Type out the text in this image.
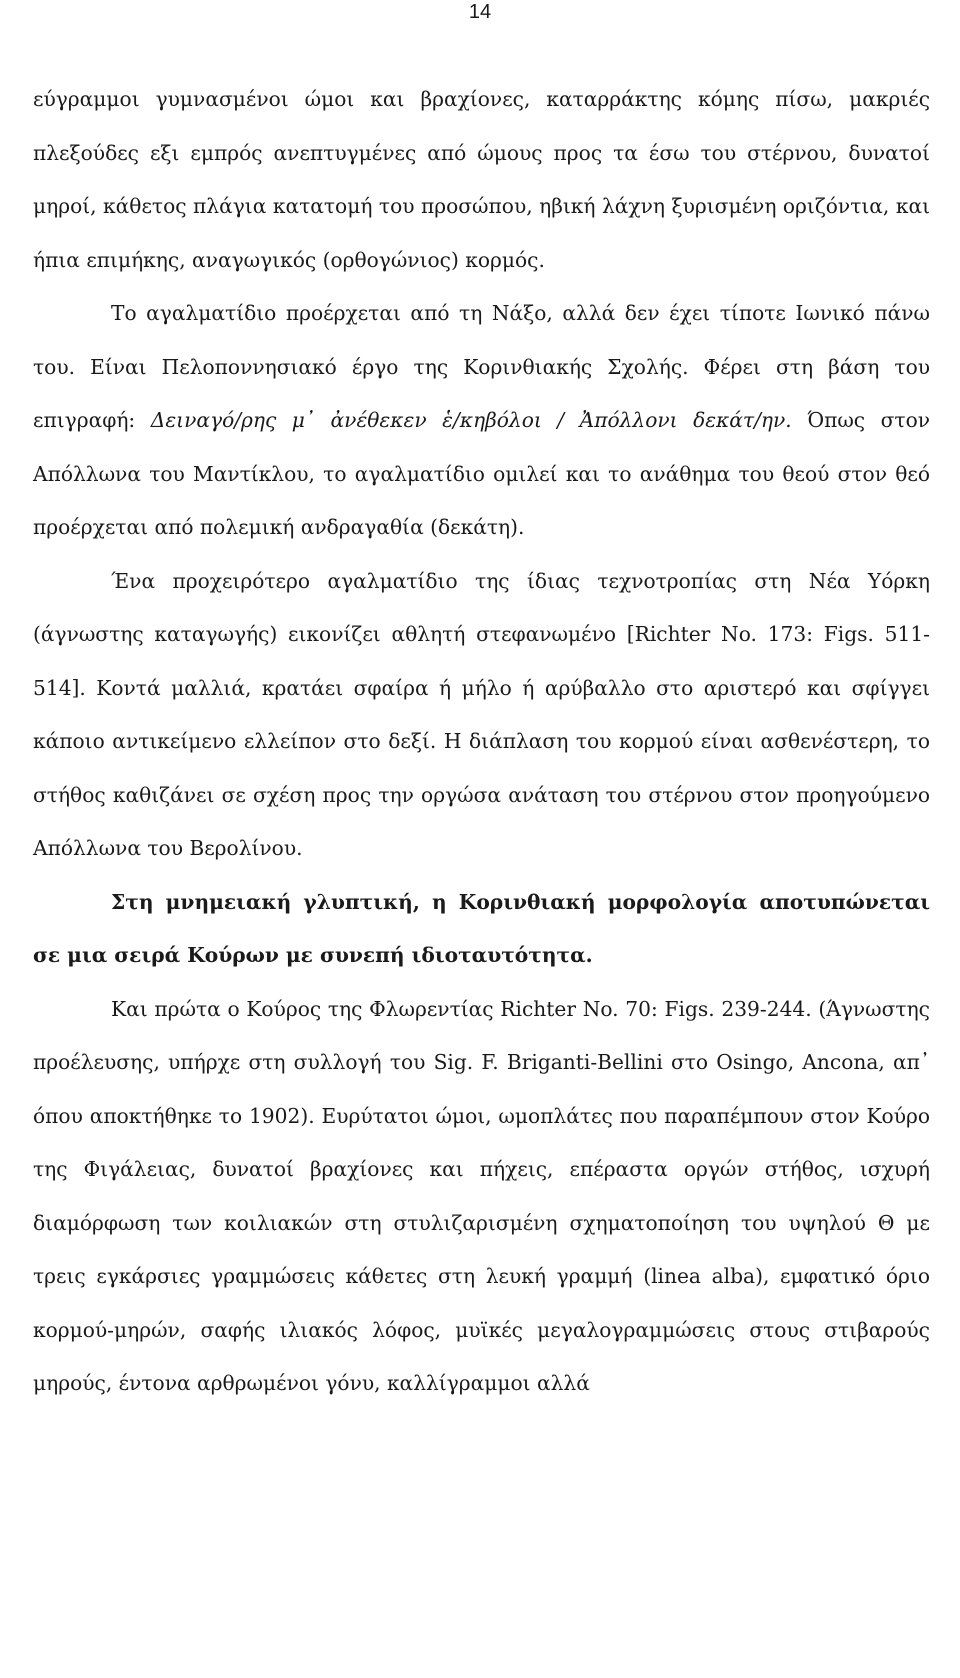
14

εύγραμμοι γυμνασμένοι ώμοι και βραχίονες, καταρράκτης κόμης πίσω, μακριές πλεξούδες εξι εμπρός ανεπτυγμένες από ώμους προς τα έσω του στέρνου, δυνατοί μηροί, κάθετος πλάγια κατατομή του προσώπου, ηβική λάχνη ξυρισμένη οριζόντια, και ήπια επιμήκης, αναγωγικός (ορθογώνιος) κορμός.

Το αγαλματίδιο προέρχεται από τη Νάξο, αλλά δεν έχει τίποτε Ιωνικό πάνω του. Είναι Πελοποννησιακό έργο της Κορινθιακής Σχολής. Φέρει στη βάση του επιγραφή: Δειναγό/ρης μ᾽ ἀνέθεκεν ἑ/κηβόλοι / Ἀπόλλονι δεκάτ/ην. Όπως στον Απόλλωνα του Μαντίκλου, το αγαλματίδιο ομιλεί και το ανάθημα του θεού στον θεό προέρχεται από πολεμική ανδραγαθία (δεκάτη).

Ένα προχειρότερο αγαλματίδιο της ίδιας τεχνοτροπίας στη Νέα Υόρκη (άγνωστης καταγωγής) εικονίζει αθλητή στεφανωμένο [Richter No. 173: Figs. 511-514]. Κοντά μαλλιά, κρατάει σφαίρα ή μήλο ή αρύβαλλο στο αριστερό και σφίγγει κάποιο αντικείμενο ελλείπον στο δεξί. Η διάπλαση του κορμού είναι ασθενέστερη, το στήθος καθιζάνει σε σχέση προς την οργώσα ανάταση του στέρνου στον προηγούμενο Απόλλωνα του Βερολίνου.

Στη μνημειακή γλυπτική, η Κορινθιακή μορφολογία αποτυπώνεται σε μια σειρά Κούρων με συνεπή ιδιοταυτότητα.

Και πρώτα ο Κούρος της Φλωρεντίας Richter No. 70: Figs. 239-244. (Άγνωστης προέλευσης, υπήρχε στη συλλογή του Sig. F. Briganti-Bellini στο Osingo, Ancona, απ᾽ όπου αποκτήθηκε το 1902). Ευρύτατοι ώμοι, ωμοπλάτες που παραπέμπουν στον Κούρο της Φιγάλειας, δυνατοί βραχίονες και πήχεις, επέραστα οργών στήθος, ισχυρή διαμόρφωση των κοιλιακών στη στυλιζαρισμένη σχηματοποίηση του υψηλού Θ με τρεις εγκάρσιες γραμμώσεις κάθετες στη λευκή γραμμή (linea alba), εμφατικό όριο κορμού-μηρών, σαφής ιλιακός λόφος, μυϊκές μεγαλογραμμώσεις στους στιβαρούς μηρούς, έντονα αρθρωμένοι γόνυ, καλλίγραμμοι αλλά
